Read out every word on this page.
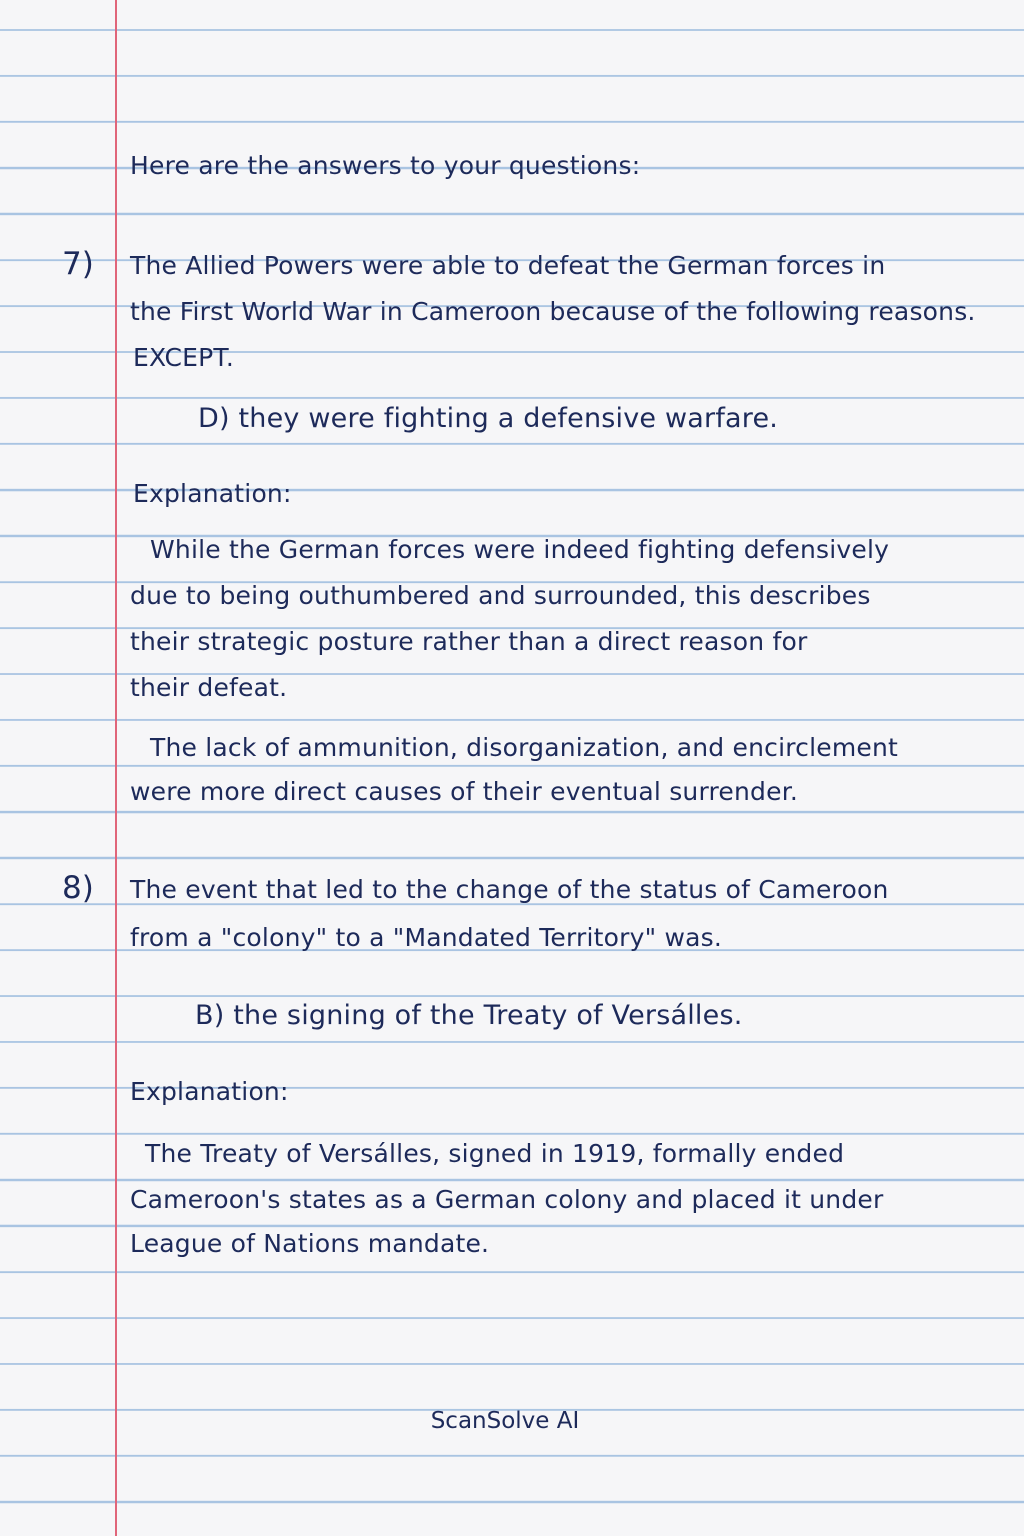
Here are the answers to your questions:
7) The Allied Powers were able to defeat the German forces in
the First World War in Cameroon because of the following reasons.
EXCEPT.
D) they were fighting a defensive warfare.
Explanation:
While the German forces were indeed fighting defensively
due to being outhumbered and surrounded, this describes
their strategic posture rather than a direct reason for
their defeat.
The lack of ammunition, disorganization, and encirclement
were more direct causes of their eventual surrender.
8) The event that led to the change of the status of Cameroon
from a "colony" to a "Mandated Territory" was.
B) the signing of the Treaty of Versálles.
Explanation:
The Treaty of Versálles, signed in 1919, formally ended
Cameroon's states as a German colony and placed it under
League of Nations mandate.
ScanSolve AI
